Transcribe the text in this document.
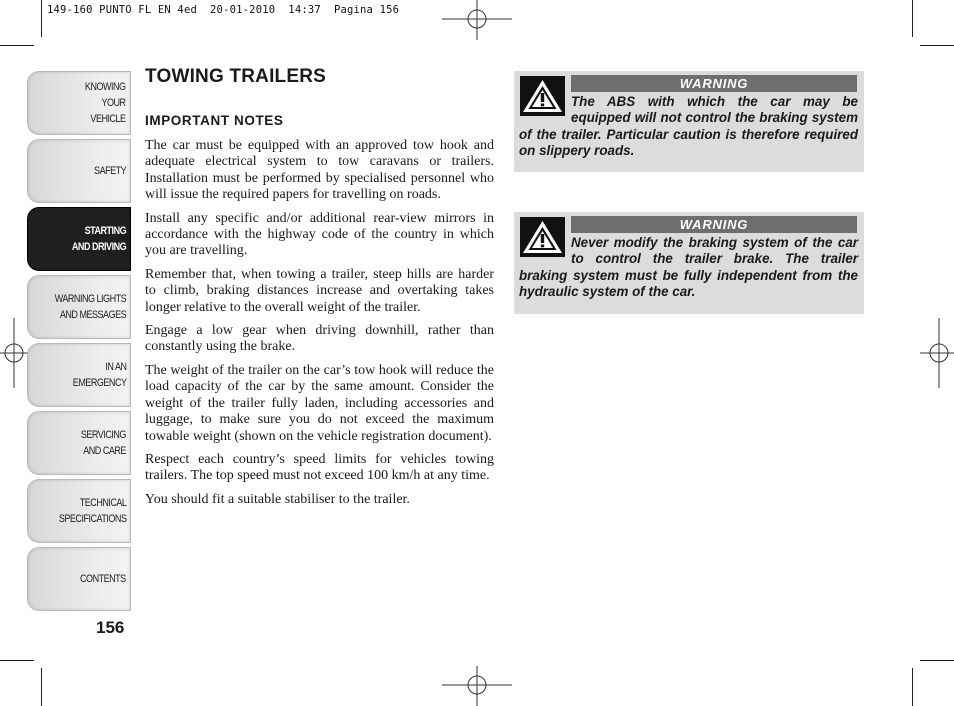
149-160 PUNTO FL EN 4ed  20-01-2010  14:37  Pagina 156
KNOWING
YOUR
VEHICLE
SAFETY
STARTING
AND DRIVING
WARNING LIGHTS
AND MESSAGES
IN AN
EMERGENCY
SERVICING
AND CARE
TECHNICAL
SPECIFICATIONS
CONTENTS
156
TOWING TRAILERS
IMPORTANT NOTES

The car must be equipped with an approved tow hook and adequate electrical system to tow caravans or trailers. Installation must be performed by specialised personnel who will issue the required papers for travelling on roads.

Install any specific and/or additional rear-view mirrors in accordance with the highway code of the country in which you are travelling.

Remember that, when towing a trailer, steep hills are harder to climb, braking distances increase and overtaking takes longer relative to the overall weight of the trailer.

Engage a low gear when driving downhill, rather than constantly using the brake.

The weight of the trailer on the car’s tow hook will reduce the load capacity of the car by the same amount. Consider the weight of the trailer fully laden, including accessories and luggage, to make sure you do not exceed the maximum towable weight (shown on the vehicle registration document).

Respect each country’s speed limits for vehicles towing trailers. The top speed must not exceed 100 km/h at any time.

You should fit a suitable stabiliser to the trailer.

WARNING
The ABS with which the car may be equipped will not control the braking system of the trailer. Particular caution is therefore required on slippery roads.
WARNING
Never modify the braking system of the car to control the trailer brake. The trailer braking system must be fully independent from the hydraulic system of the car.
